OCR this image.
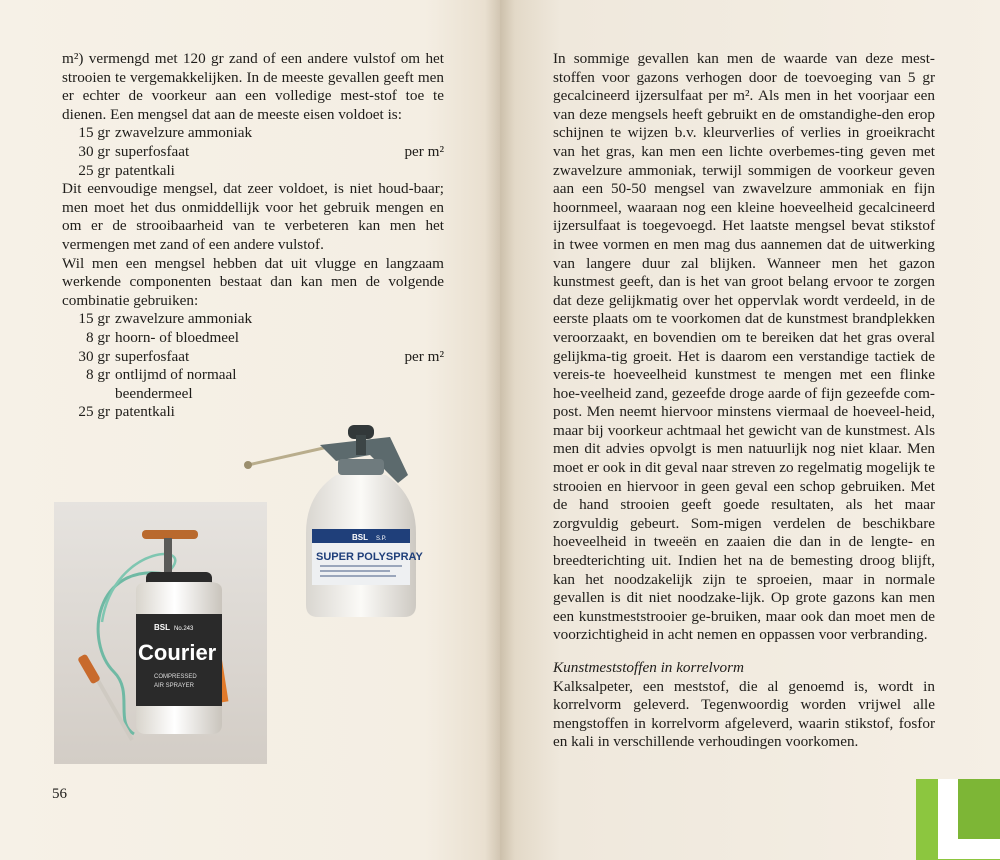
m²) vermengd met 120 gr zand of een andere vulstof om het strooien te vergemakkelijken. In de meeste gevallen geeft men er echter de voorkeur aan een volledige mest-stof toe te dienen. Een mengsel dat aan de meeste eisen voldoet is:

15 gr zwavelzure ammoniak
30 gr superfosfaat	per m²
25 gr patentkali

Dit eenvoudige mengsel, dat zeer voldoet, is niet houd-baar; men moet het dus onmiddellijk voor het gebruik mengen en om er de strooibaarheid van te verbeteren kan men het vermengen met zand of een andere vulstof.

Wil men een mengsel hebben dat uit vlugge en langzaam werkende componenten bestaat dan kan men de volgende combinatie gebruiken:

15 gr zwavelzure ammoniak
8 gr hoorn- of bloedmeel
30 gr superfosfaat	per m²
8 gr ontlijmd of normaal
beendermeel
25 gr patentkali
BSL No.243
Courier
COMPRESSED
AIR SPRAYER
BSL S.P.
SUPER POLYSPRAY
56

In sommige gevallen kan men de waarde van deze mest-stoffen voor gazons verhogen door de toevoeging van 5 gr gecalcineerd ijzersulfaat per m². Als men in het voorjaar een van deze mengsels heeft gebruikt en de omstandighe-den erop schijnen te wijzen b.v. kleurverlies of verlies in groeikracht van het gras, kan men een lichte overbemes-ting geven met zwavelzure ammoniak, terwijl sommigen de voorkeur geven aan een 50-50 mengsel van zwavelzure ammoniak en fijn hoornmeel, waaraan nog een kleine hoeveelheid gecalcineerd ijzersulfaat is toegevoegd. Het laatste mengsel bevat stikstof in twee vormen en men mag dus aannemen dat de uitwerking van langere duur zal blijken. Wanneer men het gazon kunstmest geeft, dan is het van groot belang ervoor te zorgen dat deze gelijkmatig over het oppervlak wordt verdeeld, in de eerste plaats om te voorkomen dat de kunstmest brandplekken veroorzaakt, en bovendien om te bereiken dat het gras overal gelijkma-tig groeit. Het is daarom een verstandige tactiek de vereis-te hoeveelheid kunstmest te mengen met een flinke hoe-veelheid zand, gezeefde droge aarde of fijn gezeefde com-post. Men neemt hiervoor minstens viermaal de hoeveel-heid, maar bij voorkeur achtmaal het gewicht van de kunstmest. Als men dit advies opvolgt is men natuurlijk nog niet klaar. Men moet er ook in dit geval naar streven zo regelmatig mogelijk te strooien en hiervoor in geen geval een schop gebruiken. Met de hand strooien geeft goede resultaten, als het maar zorgvuldig gebeurt. Som-migen verdelen de beschikbare hoeveelheid in tweeën en zaaien die dan in de lengte- en breedterichting uit. Indien het na de bemesting droog blijft, kan het noodzakelijk zijn te sproeien, maar in normale gevallen is dit niet noodzake-lijk. Op grote gazons kan men een kunstmeststrooier ge-bruiken, maar ook dan moet men de voorzichtigheid in acht nemen en oppassen voor verbranding.

Kunstmeststoffen in korrelvorm

Kalksalpeter, een meststof, die al genoemd is, wordt in korrelvorm geleverd. Tegenwoordig worden vrijwel alle mengstoffen in korrelvorm afgeleverd, waarin stikstof, fosfor en kali in verschillende verhoudingen voorkomen.
